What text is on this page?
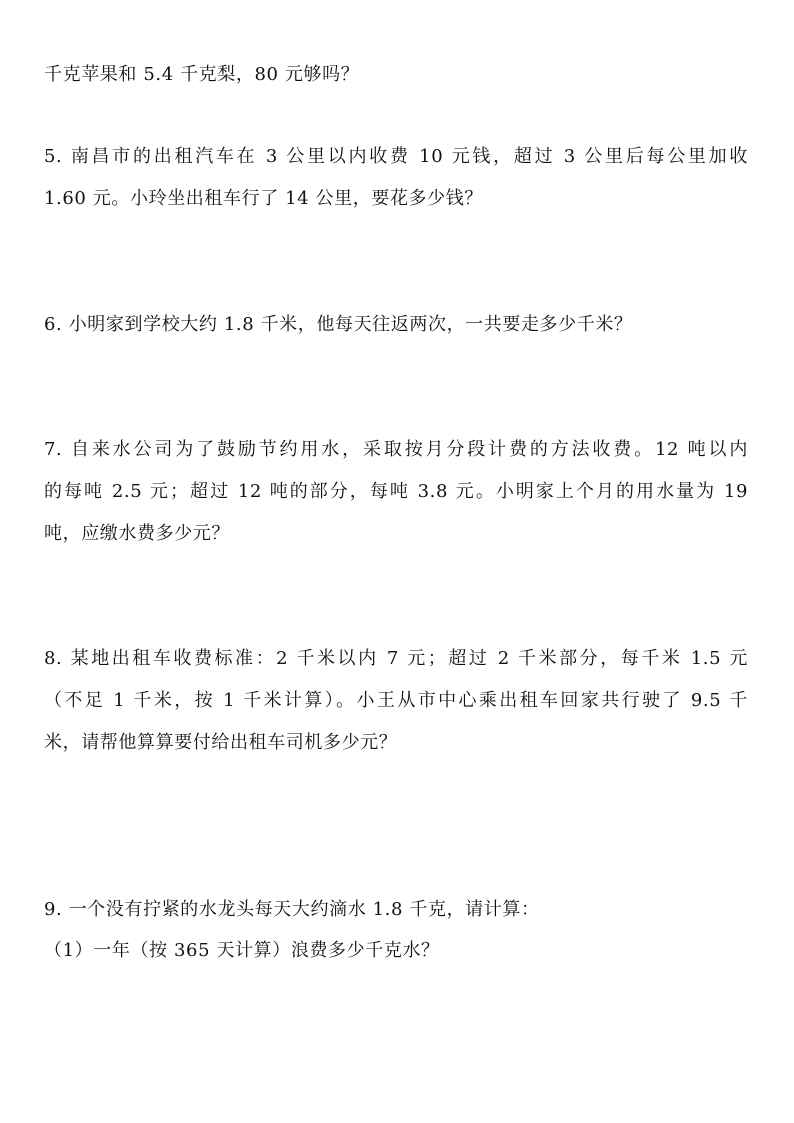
千克苹果和 5.4 千克梨，80 元够吗？
5. 南昌市的出租汽车在 3 公里以内收费 10 元钱，超过 3 公里后每公里加收
1.60 元。小玲坐出租车行了 14 公里，要花多少钱？
6. 小明家到学校大约 1.8 千米，他每天往返两次，一共要走多少千米？
7. 自来水公司为了鼓励节约用水，采取按月分段计费的方法收费。12 吨以内
的每吨 2.5 元；超过 12 吨的部分，每吨 3.8 元。小明家上个月的用水量为 19
吨，应缴水费多少元？
8. 某地出租车收费标准：2 千米以内 7 元；超过 2 千米部分，每千米 1.5 元
（不足 1 千米，按 1 千米计算）。小王从市中心乘出租车回家共行驶了 9.5 千
米，请帮他算算要付给出租车司机多少元？
9. 一个没有拧紧的水龙头每天大约滴水 1.8 千克，请计算：
（1）一年（按 365 天计算）浪费多少千克水？
